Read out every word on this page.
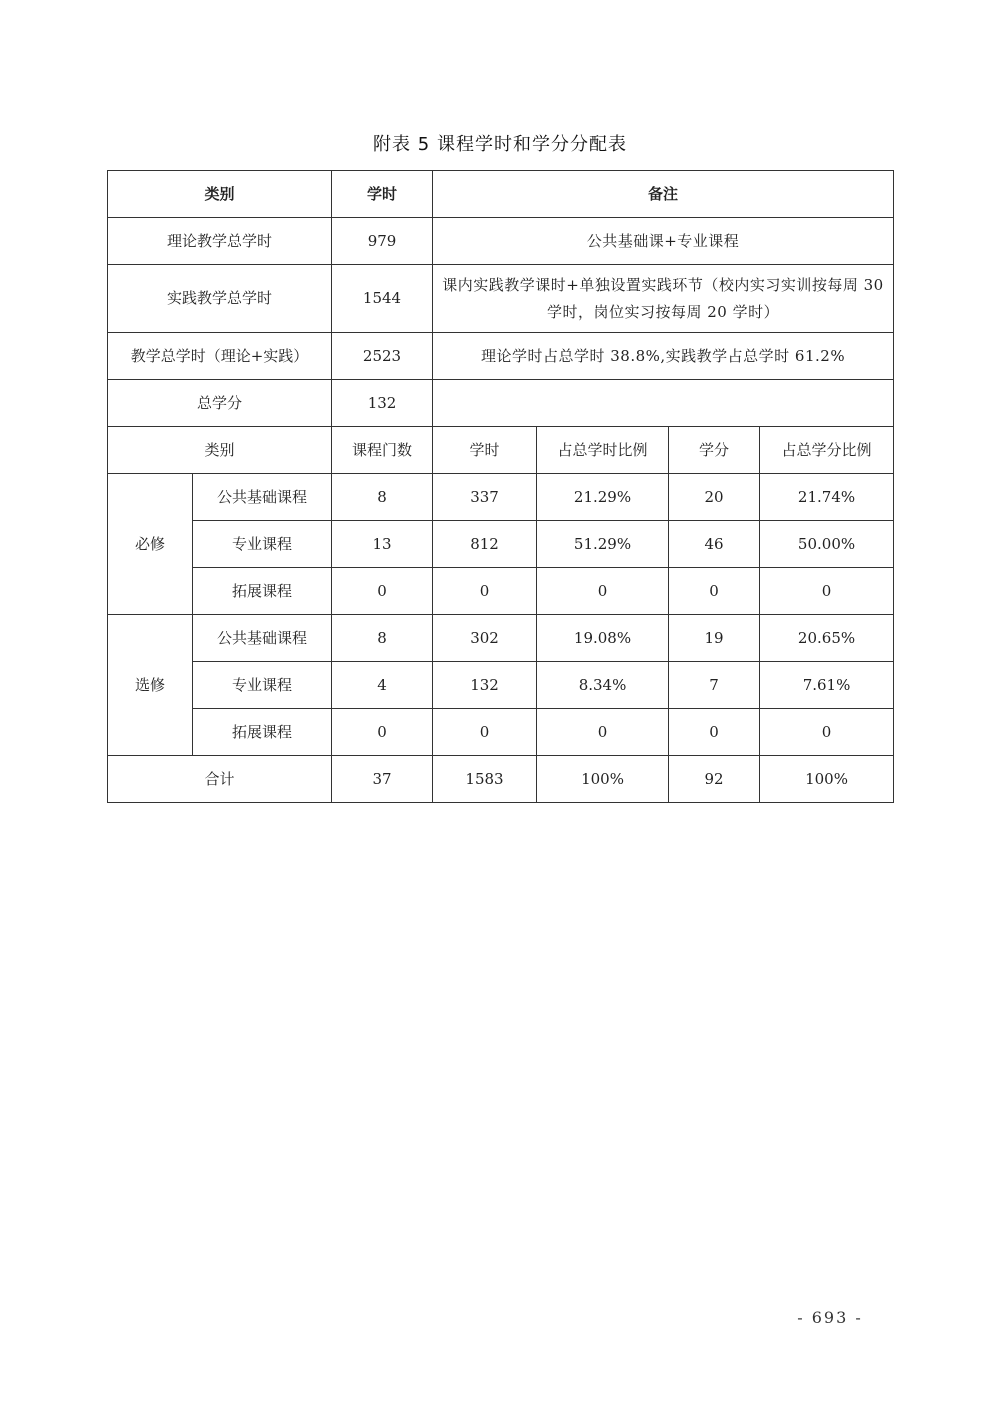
附表 5 课程学时和学分分配表
类别		学时	备注			
理论教学总学时		979	公共基础课+专业课程			
实践教学总学时		1544	课内实践教学课时+单独设置实践环节（校内实习实训按每周 30 学时，岗位实习按每周 20 学时）			
教学总学时（理论+实践）		2523	理论学时占总学时 38.8%,实践教学占总学时 61.2%			
总学分		132				
类别		课程门数	学时	占总学时比例	学分	占总学分比例
必修	公共基础课程	8	337	21.29%	20	21.74%
	专业课程	13	812	51.29%	46	50.00%
	拓展课程	0	0	0	0	0
选修	公共基础课程	8	302	19.08%	19	20.65%
	专业课程	4	132	8.34%	7	7.61%
	拓展课程	0	0	0	0	0
合计		37	1583	100%	92	100%
- 693 -
